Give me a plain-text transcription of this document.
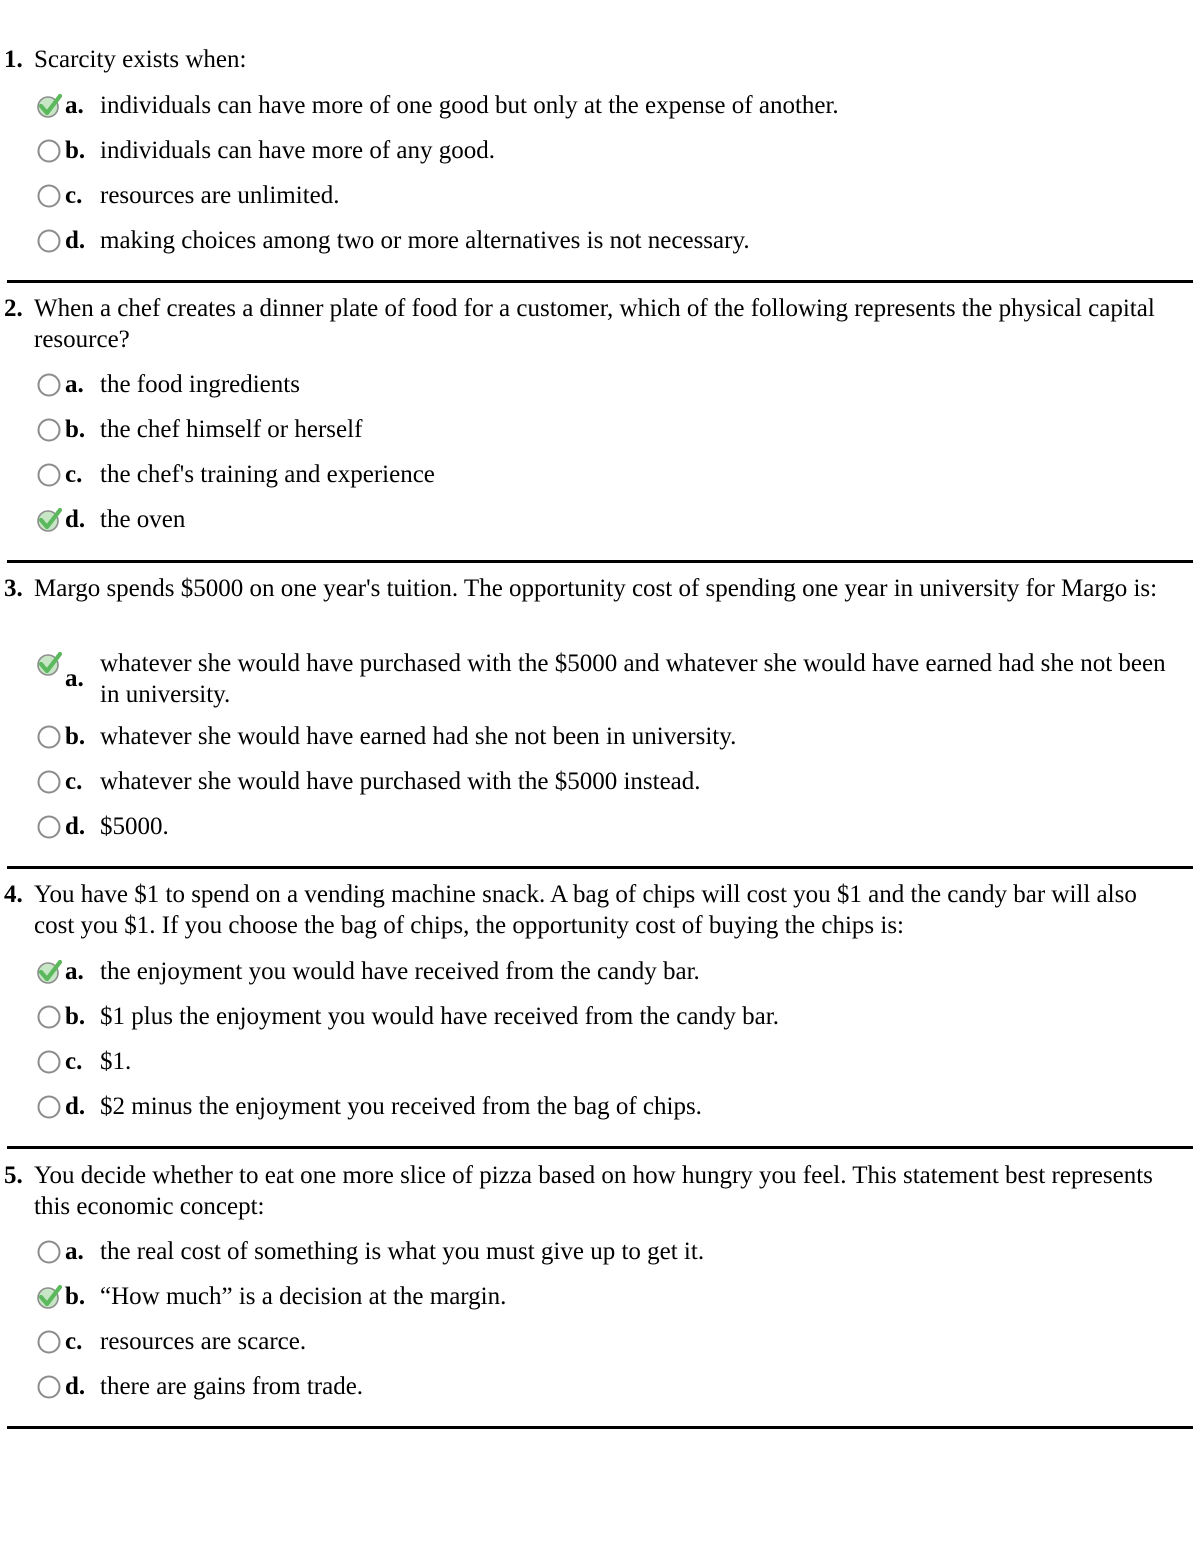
1. Scarcity exists when:
a. individuals can have more of one good but only at the expense of another.
b. individuals can have more of any good.
c. resources are unlimited.
d. making choices among two or more alternatives is not necessary.
2. When a chef creates a dinner plate of food for a customer, which of the following represents the physical capital resource?
a. the food ingredients
b. the chef himself or herself
c. the chef's training and experience
d. the oven
3. Margo spends $5000 on one year's tuition. The opportunity cost of spending one year in university for Margo is:
a.
whatever she would have purchased with the $5000 and whatever she would have earned had she not been in university.
b. whatever she would have earned had she not been in university.
c. whatever she would have purchased with the $5000 instead.
d. $5000.
4. You have $1 to spend on a vending machine snack. A bag of chips will cost you $1 and the candy bar will also cost you $1. If you choose the bag of chips, the opportunity cost of buying the chips is:
a. the enjoyment you would have received from the candy bar.
b. $1 plus the enjoyment you would have received from the candy bar.
c. $1.
d. $2 minus the enjoyment you received from the bag of chips.
5. You decide whether to eat one more slice of pizza based on how hungry you feel. This statement best represents this economic concept:
a. the real cost of something is what you must give up to get it.
b. “How much” is a decision at the margin.
c. resources are scarce.
d. there are gains from trade.
